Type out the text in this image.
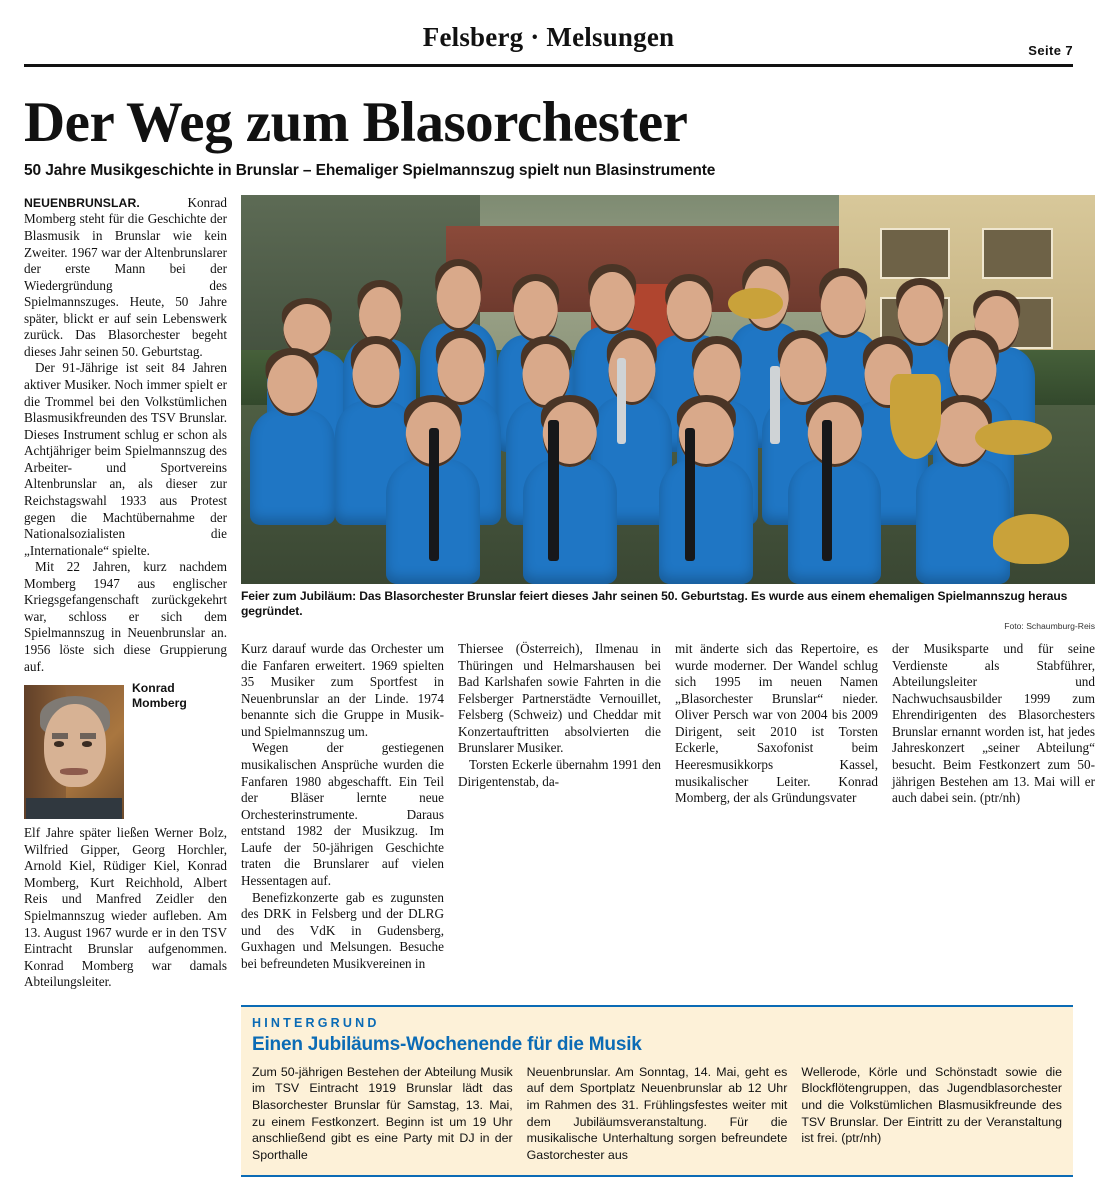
Felsberg · Melsungen	Seite 7
Der Weg zum Blasorchester
50 Jahre Musikgeschichte in Brunslar – Ehemaliger Spielmannszug spielt nun Blasinstrumente

NEUENBRUNSLAR.	Konrad Momberg steht für die Geschichte der Blasmusik in Brunslar wie kein Zweiter. 1967 war der Altenbrunslarer der erste Mann bei der Wiedergründung des Spielmannszuges. Heute, 50 Jahre später, blickt er auf sein Lebenswerk zurück. Das Blasorchester begeht dieses Jahr seinen 50. Geburtstag.

Der 91-Jährige ist seit 84 Jahren aktiver Musiker. Noch immer spielt er die Trommel bei den Volkstümlichen Blasmusikfreunden des TSV Brunslar. Dieses Instrument schlug er schon als Achtjähriger beim Spielmannszug des Arbeiter- und Sportvereins Altenbrunslar an, als dieser zur Reichstagswahl 1933 aus Protest gegen die Machtübernahme der Nationalsozialisten die „Internationale“ spielte.

Mit 22 Jahren, kurz nachdem Momberg 1947 aus englischer Kriegsgefangenschaft zurückgekehrt war, schloss er sich dem Spielmannszug in Neuenbrunslar an. 1956 löste sich diese Gruppierung auf.

Konrad
Momberg

Elf Jahre später ließen Werner Bolz, Wilfried Gipper, Georg Horchler, Arnold Kiel, Rüdiger Kiel, Konrad Momberg, Kurt Reichhold, Albert Reis und Manfred Zeidler den Spielmannszug wieder aufleben. Am 13. August 1967 wurde er in den TSV Eintracht Brunslar aufgenommen. Konrad Momberg war damals Abteilungsleiter.

Feier zum Jubiläum: Das Blasorchester Brunslar feiert dieses Jahr seinen 50. Geburtstag. Es wurde aus einem ehemaligen Spielmannszug heraus gegründet.
Foto: Schaumburg-Reis

Kurz darauf wurde das Orchester um die Fanfaren erweitert. 1969 spielten 35 Musiker zum Sportfest in Neuenbrunslar an der Linde. 1974 benannte sich die Gruppe in Musik- und Spielmannszug um.

Wegen der gestiegenen musikalischen Ansprüche wurden die Fanfaren 1980 abgeschafft. Ein Teil der Bläser lernte neue Orchesterinstrumente. Daraus entstand 1982 der Musikzug. Im Laufe der 50-jährigen Geschichte traten die Brunslarer auf vielen Hessentagen auf.

Benefizkonzerte gab es zugunsten des DRK in Felsberg und der DLRG und des VdK in Gudensberg, Guxhagen und Melsungen. Besuche bei befreundeten Musikvereinen in

Thiersee (Österreich), Ilmenau in Thüringen und Helmarshausen bei Bad Karlshafen sowie Fahrten in die Felsberger Partnerstädte Vernouillet, Felsberg (Schweiz) und Cheddar mit Konzertauftritten absolvierten die Brunslarer Musiker.

Torsten Eckerle übernahm 1991 den Dirigentenstab, da-

mit änderte sich das Repertoire, es wurde moderner. Der Wandel schlug sich 1995 im neuen Namen „Blasorchester Brunslar“ nieder. Oliver Persch war von 2004 bis 2009 Dirigent, seit 2010 ist Torsten Eckerle, Saxofonist beim Heeresmusikkorps Kassel, musikalischer Leiter. Konrad Momberg, der als Gründungsvater

der Musiksparte und für seine Verdienste als Stabführer, Abteilungsleiter und Nachwuchsausbilder 1999 zum Ehrendirigenten des Blasorchesters Brunslar ernannt worden ist, hat jedes Jahreskonzert „seiner Abteilung“ besucht. Beim Festkonzert zum 50-jährigen Bestehen am 13. Mai will er auch dabei sein. (ptr/nh)

HINTERGRUND
Einen Jubiläums-Wochenende für die Musik

Zum 50-jährigen Bestehen der Abteilung Musik im TSV Eintracht 1919 Brunslar lädt das Blasorchester Brunslar für Samstag, 13. Mai, zu einem Festkonzert. Beginn ist um 19 Uhr anschließend gibt es eine Party mit DJ in der Sporthalle

Neuenbrunslar. Am Sonntag, 14. Mai, geht es auf dem Sportplatz Neuenbrunslar ab 12 Uhr im Rahmen des 31. Frühlingsfestes weiter mit dem Jubiläumsveranstaltung. Für die musikalische Unterhaltung sorgen befreundete Gastorchester aus

Wellerode, Körle und Schönstadt sowie die Blockflötengruppen, das Jugendblasorchester und die Volkstümlichen Blasmusikfreunde des TSV Brunslar. Der Eintritt zu der Veranstaltung ist frei. (ptr/nh)
